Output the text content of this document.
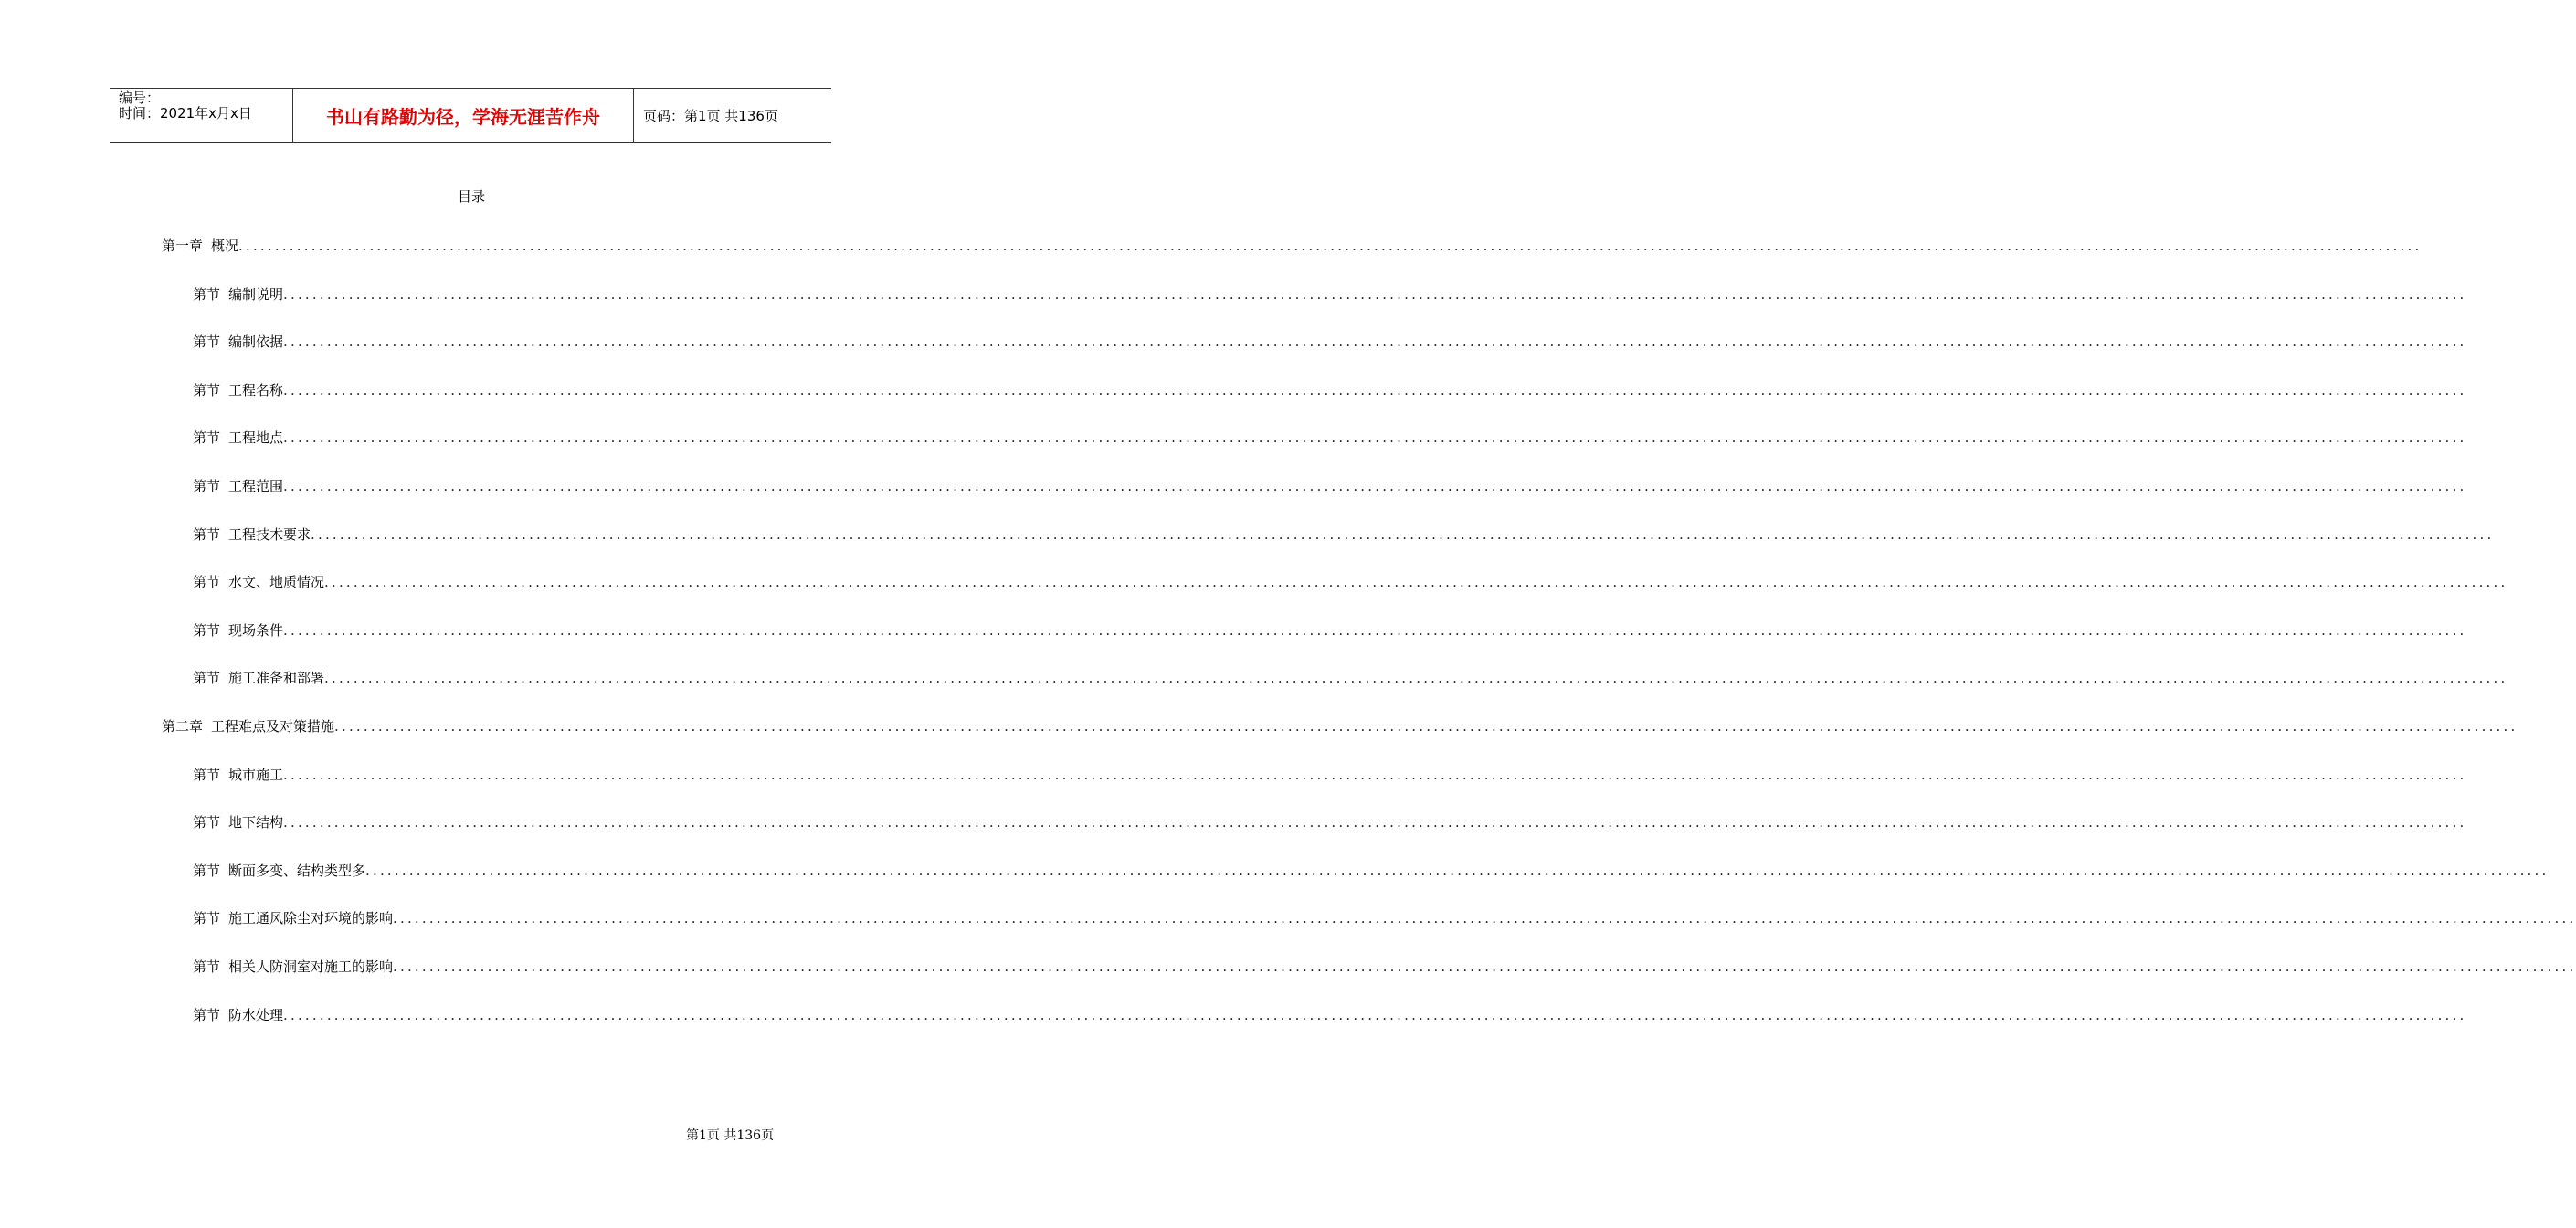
编号：
时间：2021年x月x日	书山有路勤为径，学海无涯苦作舟	页码：第1页 共136页
目录
第一章 概况 ............................................................................................................................................................................................................................................................................................................
第节 编制说明 ............................................................................................................................................................................................................................................................................................................
第节 编制依据 ............................................................................................................................................................................................................................................................................................................
第节 工程名称 ............................................................................................................................................................................................................................................................................................................
第节 工程地点 ............................................................................................................................................................................................................................................................................................................
第节 工程范围 ............................................................................................................................................................................................................................................................................................................
第节 工程技术要求 ............................................................................................................................................................................................................................................................................................................
第节 水文、地质情况 ............................................................................................................................................................................................................................................................................................................
第节 现场条件 ............................................................................................................................................................................................................................................................................................................
第节 施工准备和部署 ............................................................................................................................................................................................................................................................................................................
第二章 工程难点及对策措施 ............................................................................................................................................................................................................................................................................................................
第节 城市施工 ............................................................................................................................................................................................................................................................................................................
第节 地下结构 ............................................................................................................................................................................................................................................................................................................
第节 断面多变、结构类型多 ............................................................................................................................................................................................................................................................................................................
第节 施工通风除尘对环境的影响 ............................................................................................................................................................................................................................................................................................................
第节 相关人防洞室对施工的影响 ............................................................................................................................................................................................................................................................................................................
第节 防水处理 ............................................................................................................................................................................................................................................................................................................
第1页 共136页
